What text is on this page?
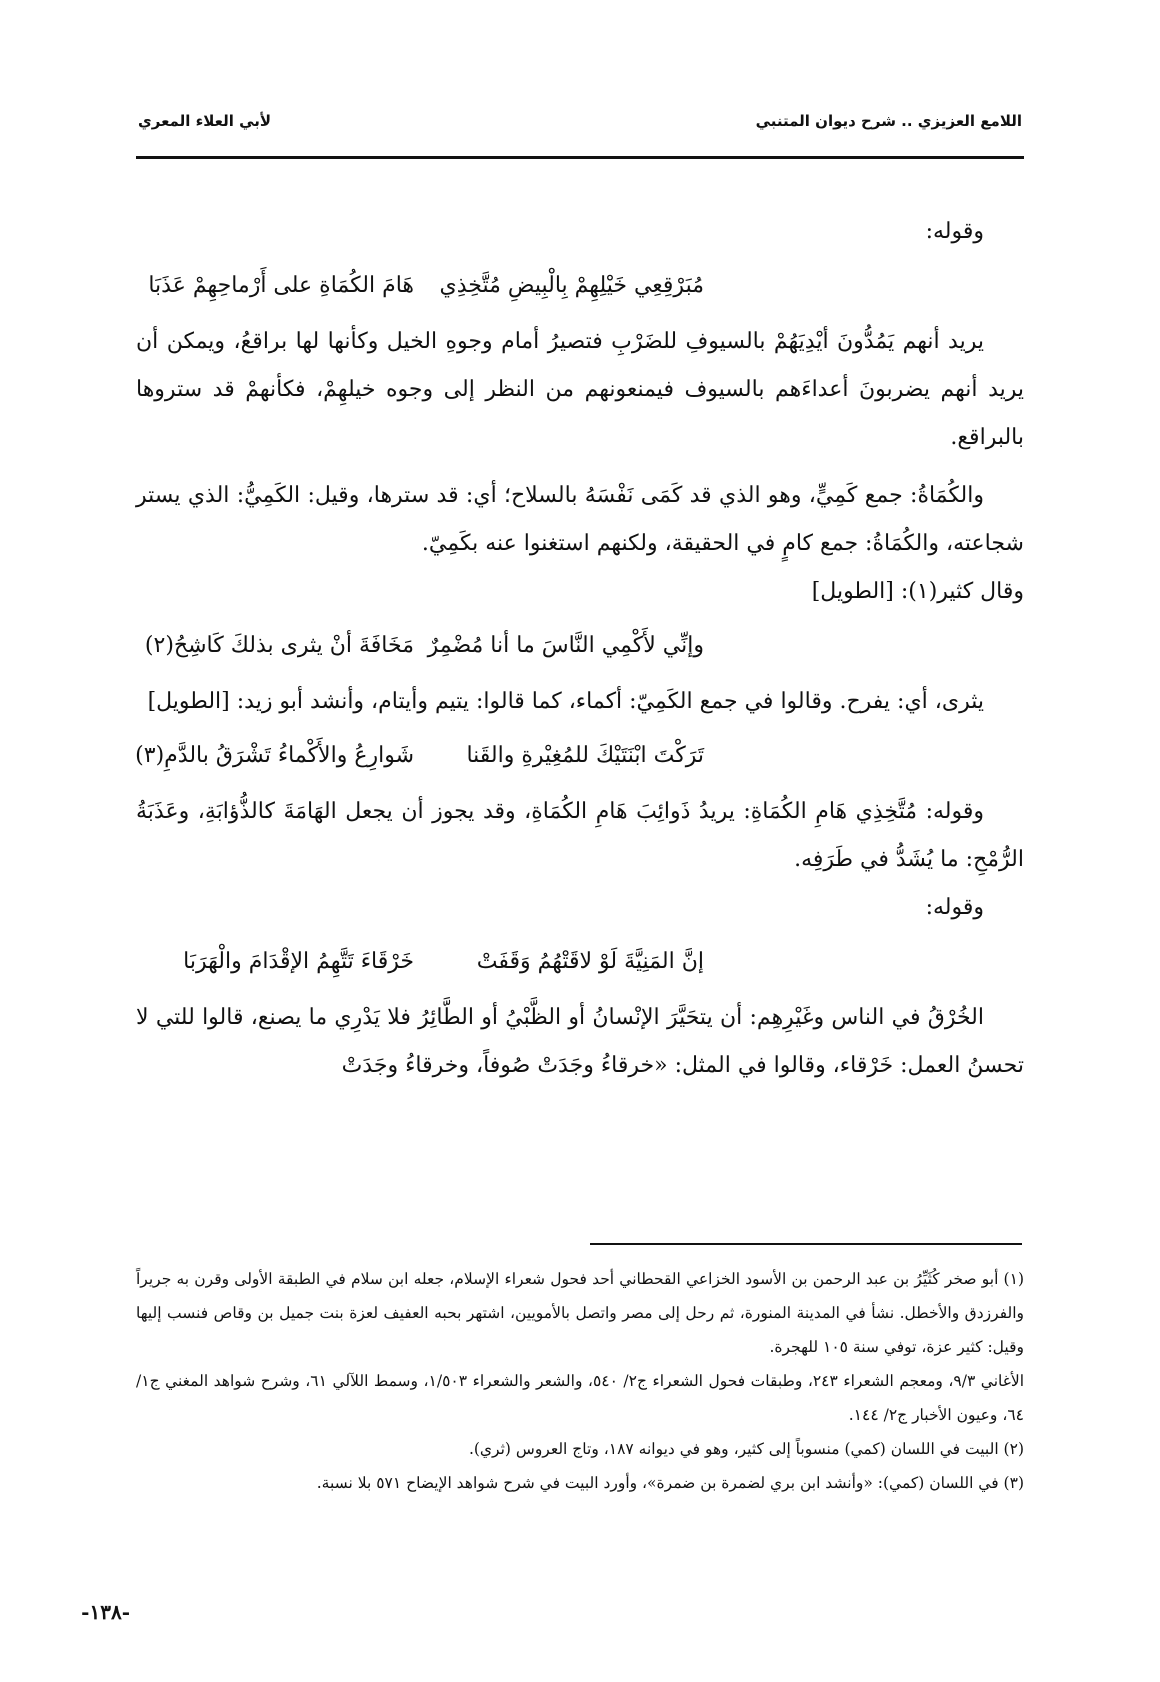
اللامع العزيزي .. شرح ديوان المتنبي
لأبي العلاء المعري

وقوله:

مُبَرْقِعِي خَيْلِهِمْ بِالْبِيضِ مُتَّخِذِي
هَامَ الكُمَاةِ على أَرْماحِهِمْ عَذَبَا

يريد أنهم يَمُدُّونَ أيْدِيَهُمْ بالسيوفِ للضَرْبِ فتصيرُ أمام وجوهِ الخيل وكأنها لها براقعُ، ويمكن أن يريد أنهم يضربونَ أعداءَهم بالسيوف فيمنعونهم من النظر إلى وجوه خيلهِمْ، فكأنهمْ قد ستروها بالبراقع.

والكُمَاةُ: جمع كَمِيٍّ، وهو الذي قد كَمَى نَفْسَهُ بالسلاح؛ أي: قد سترها، وقيل: الكَمِيُّ: الذي يستر شجاعته، والكُمَاةُ: جمع كامٍ في الحقيقة، ولكنهم استغنوا عنه بكَمِيّ.

وقال كثير(١): [الطويل]

وإنِّي لأَكْمِي النَّاسَ ما أنا مُضْمِرٌ
مَخَافَةَ أنْ يثرى بذلكَ كَاشِحُ(٢)

يثرى، أي: يفرح. وقالوا في جمع الكَمِيّ: أكماء، كما قالوا: يتيم وأيتام، وأنشد أبو زيد: [الطويل]

تَرَكْتَ ابْنَتَيْكَ للمُغِيْرةِ والقَنا
شَوارِعُ والأَكْماءُ تَشْرَقُ بالدَّمِ(٣)

وقوله: مُتَّخِذِي هَامِ الكُمَاةِ: يريدُ ذَوائِبَ هَامِ الكُمَاةِ، وقد يجوز أن يجعل الهَامَةَ كالذُّؤابَةِ، وعَذَبَةُ الرُّمْحِ: ما يُشَدُّ في طَرَفِه.

وقوله:

إنَّ المَنِيَّةَ لَوْ لاقَتْهُمُ وَقَفَتْ
خَرْقَاءَ تَتَّهِمُ الإقْدَامَ والْهَرَبَا

الخُرْقُ في الناس وغَيْرِهِم: أن يتحَيَّرَ الإنْسانُ أو الظَّبْيُ أو الطَّائِرُ فلا يَدْرِي ما يصنع، قالوا للتي لا تحسنُ العمل: خَرْقاء، وقالوا في المثل: «خرقاءُ وجَدَتْ صُوفاً، وخرقاءُ وجَدَتْ

(١) أبو صخر كُثَيِّرُ بن عبد الرحمن بن الأسود الخزاعي القحطاني أحد فحول شعراء الإسلام، جعله ابن سلام في الطبقة الأولى وقرن به جريراً والفرزدق والأخطل. نشأ في المدينة المنورة، ثم رحل إلى مصر واتصل بالأمويين، اشتهر بحبه العفيف لعزة بنت جميل بن وقاص فنسب إليها وقيل: كثير عزة، توفي سنة ١٠٥ للهجرة.

الأغاني ٩/٣، ومعجم الشعراء ٢٤٣، وطبقات فحول الشعراء ج٢/ ٥٤٠، والشعر والشعراء ١/٥٠٣، وسمط اللآلي ٦١، وشرح شواهد المغني ج١/ ٦٤، وعيون الأخبار ج٢/ ١٤٤.

(٢) البيت في اللسان (كمي) منسوباً إلى كثير، وهو في ديوانه ١٨٧، وتاج العروس (ثري).

(٣) في اللسان (كمي): «وأنشد ابن بري لضمرة بن ضمرة»، وأورد البيت في شرح شواهد الإيضاح ٥٧١ بلا نسبة.

-١٣٨-
